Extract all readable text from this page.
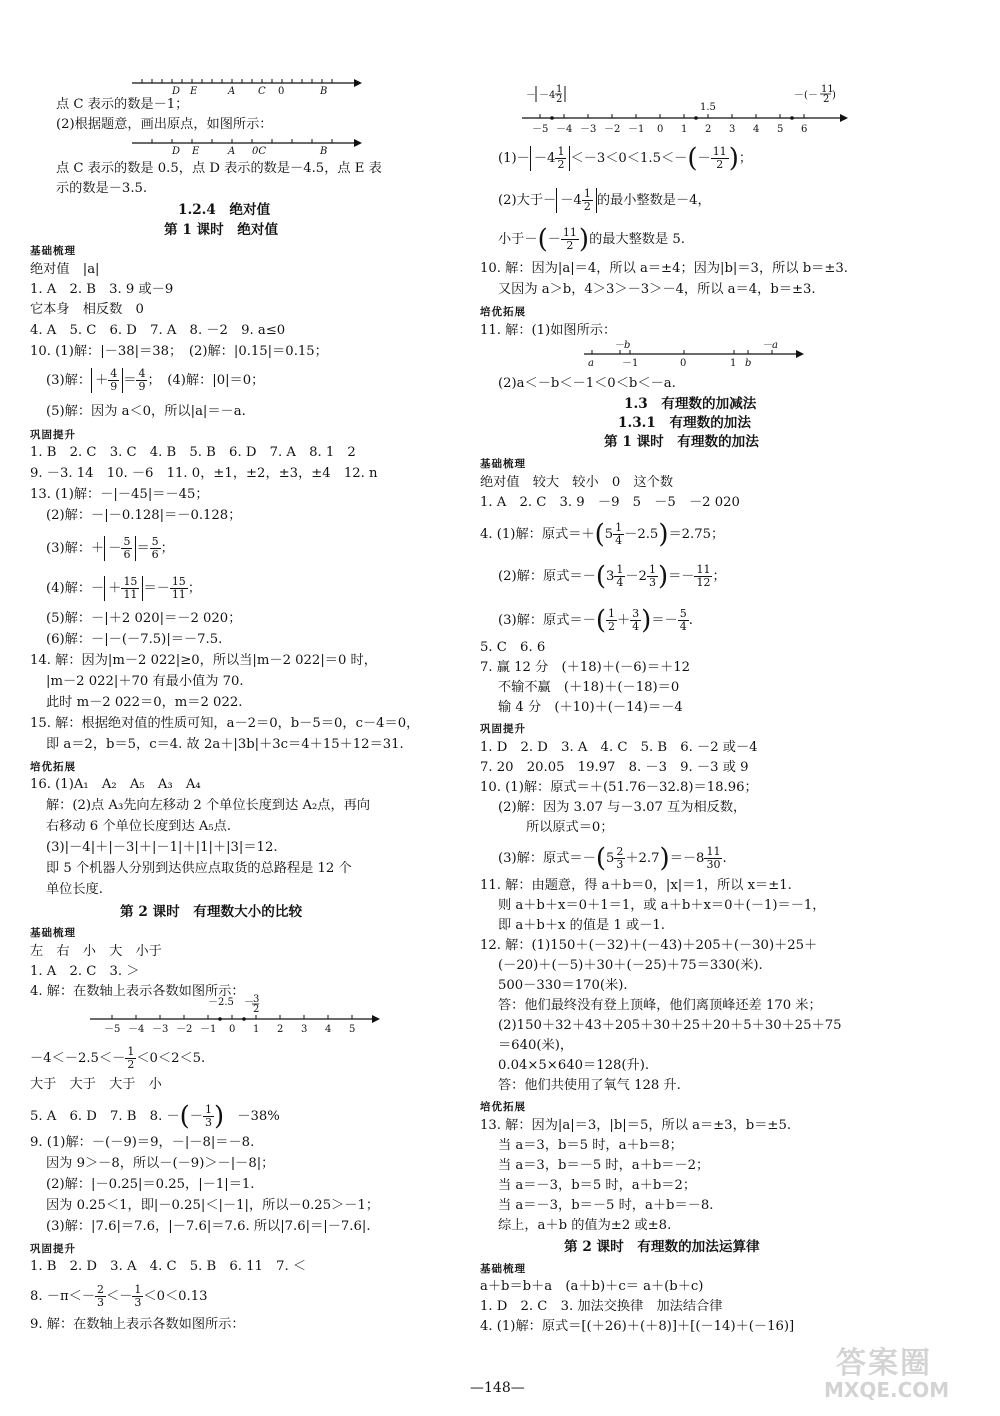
D E	A C 0	B
点 C 表示的数是－1；
(2)根据题意，画出原点，如图所示：
D E	A 0C	B
点 C 表示的数是 0.5，点 D 表示的数是－4.5，点 E 表
示的数是－3.5.
1.2.4　绝对值
第 1 课时　绝对值
基础梳理
绝对值　|a|
1. A　2. B　3. 9 或－9
它本身　相反数　0
4. A　5. C　6. D　7. A　8. －2　9. a≤0
10. (1)解：|－38|＝38；　(2)解：|0.15|＝0.15；
(3)解： ＋ $\frac{4}{9} = \frac{4}{9}$ ；　(4)解：|0|＝0；
(5)解：因为 a＜0，所以|a|＝－a.
巩固提升
1. B　2. C　3. C　4. B　5. B　6. D　7. A　8. 1　2
9. －3. 14　10. －6　11. 0，±1，±2，±3，±4　12. n
13. (1)解：－|－45|＝－45；
(2)解：－|－0.128|＝－0.128；
(3)解：＋ － $\frac{5}{6} = \frac{5}{6}$ ；
(4)解：－ ＋ $\frac{15}{11} =- \frac{15}{11}$ ；
(5)解：－|＋2 020|＝－2 020；
(6)解：－|－(－7.5)|＝－7.5.
14. 解：因为|m－2 022|≥0，所以当|m－2 022|＝0 时，
|m－2 022|＋70 有最小值为 70.
此时 m－2 022＝0，m＝2 022.
15. 解：根据绝对值的性质可知，a－2＝0，b－5＝0，c－4＝0，
即 a＝2，b＝5，c＝4. 故 2a＋|3b|＋3c＝4＋15＋12＝31.
培优拓展
16. (1)A₁　A₂　A₅　A₃　A₄
解：(2)点 A₃先向左移动 2 个单位长度到达 A₂点，再向
右移动 6 个单位长度到达 A₅点.
(3)|－4|＋|－3|＋|－1|＋|1|＋|3|＝12.
即 5 个机器人分别到达供应点取货的总路程是 12 个
单位长度.
第 2 课时　有理数大小的比较
基础梳理
左　右　小　大　小于
1. A　2. C　3. ＞
4. 解：在数轴上表示各数如图所示：
－2.5 － 3
2
－5 －4 －3 －2 －1 0 1 2 3 4 5
$-4<-2.5<- \frac{1}{2} <0<2<5$.
大于　大于　大于　小
5. A　6. D　7. B　8. －(－ $\frac{1}{3}$ )　－38%
9. (1)解：－(－9)＝9，－|－8|＝－8.
因为 9＞－8，所以－(－9)＞－|－8|；
(2)解：|－0.25|＝0.25，|－1|＝1.
因为 0.25＜1，即|－0.25|＜|－1|，所以－0.25＞－1；
(3)解：|7.6|＝7.6，|－7.6|＝7.6. 所以|7.6|＝|－7.6|.
巩固提升
1. B　2. D　3. A　4. C　5. B　6. 11　7. ＜
8. $-\pi<- \frac{2}{3} <- \frac{1}{3} <0<0.13$
9. 解：在数轴上表示各数如图所示：
－ －4
1
2
1.5
－(－
11
2 )
－5 －4 －3 －2 －1 0 1 2 3 4 5 6
$(1)- -4 \frac{1}{2} <-3<0<1.5<-(- \frac{11}{2}$ )；
(2)大于－ $-4 \frac{1}{2}$ 的最小整数是－4，
小于－(－ $\frac{11}{2}$ )的最大整数是 5.
10. 解：因为|a|＝4，所以 a＝±4；因为|b|＝3，所以 b＝±3.
又因为 a＞b，4＞3＞－3＞－4，所以 a＝4，b＝±3.
培优拓展
11. 解：(1)如图所示：
－b	－a
a	－1	0	1 b
(2)a＜－b＜－1＜0＜b＜－a.
1.3　有理数的加减法
1.3.1　有理数的加法
第 1 课时　有理数的加法
基础梳理
绝对值　较大　较小　0　这个数
1. A　2. C　3. 9　－9　5　－5　－2 020
4. (1)解：原式$=+(5 \frac{1}{4} -2.5)=2.75$；
(2)解：原式$=-(3 \frac{1}{4} -2 \frac{1}{3}$ )＝－ $\frac{11}{12}$ ；
(3)解：原式＝－( $\frac{1}{2} + \frac{3}{4}$ )＝－ $\frac{5}{4}$ .
5. C　6. 6
7. 赢 12 分　(＋18)＋(－6)＝＋12
不输不赢　(＋18)＋(－18)＝0
输 4 分　(＋10)＋(－14)＝－4
巩固提升
1. D　2. D　3. A　4. C　5. B　6. －2 或－4
7. 20　20.05　19.97　8. －3　9. －3 或 9
10. (1)解：原式＝＋(51.76－32.8)＝18.96；
(2)解：因为 3.07 与－3.07 互为相反数，
所以原式＝0；
(3)解：原式$=-(5 \frac{2}{3} +2.7)=-8 \frac{11}{30}$ .
11. 解：由题意，得 a＋b＝0，|x|＝1，所以 x＝±1.
则 a＋b＋x＝0＋1＝1，或 a＋b＋x＝0＋(－1)＝－1，
即 a＋b＋x 的值是 1 或－1.
12. 解：(1)150＋(－32)＋(－43)＋205＋(－30)＋25＋
(－20)＋(－5)＋30＋(－25)＋75＝330(米).
500－330＝170(米).
答：他们最终没有登上顶峰，他们离顶峰还差 170 米；
(2)150＋32＋43＋205＋30＋25＋20＋5＋30＋25＋75
＝640(米)，
0.04×5×640＝128(升).
答：他们共使用了氧气 128 升.
培优拓展
13. 解：因为|a|＝3，|b|＝5，所以 a＝±3，b＝±5.
当 a＝3，b＝5 时，a＋b＝8；
当 a＝3，b＝－5 时，a＋b＝－2；
当 a＝－3，b＝5 时，a＋b＝2；
当 a＝－3，b＝－5 时，a＋b＝－8.
综上，a＋b 的值为±2 或±8.
第 2 课时　有理数的加法运算律
基础梳理
a＋b＝b＋a　(a＋b)＋c＝ a＋(b＋c)
1. D　2. C　3. 加法交换律　加法结合律
4. (1)解：原式＝[(＋26)＋(＋8)]＋[(－14)＋(－16)]
—148—
答案圈
MXQE.COM
